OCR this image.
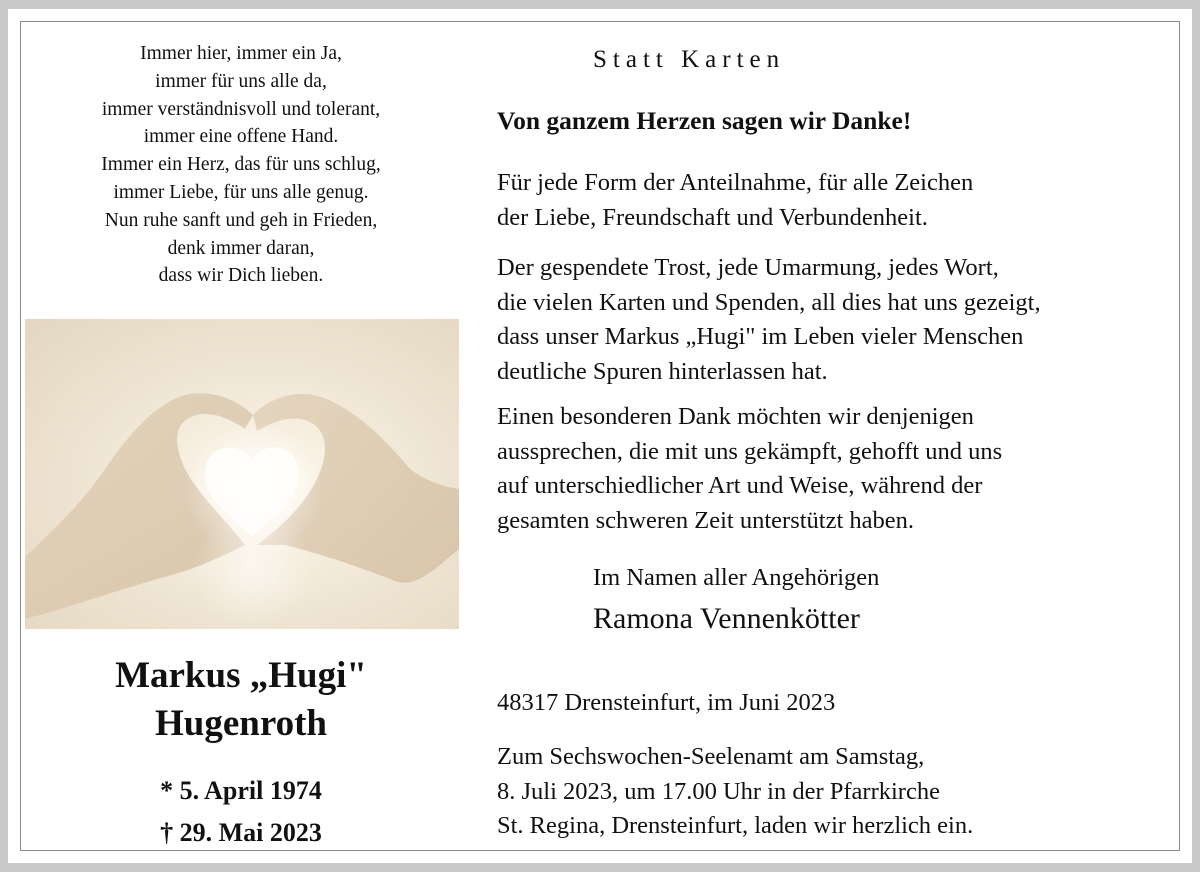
Immer hier, immer ein Ja,
immer für uns alle da,
immer verständnisvoll und tolerant,
immer eine offene Hand.
Immer ein Herz, das für uns schlug,
immer Liebe, für uns alle genug.
Nun ruhe sanft und geh in Frieden,
denk immer daran,
dass wir Dich lieben.
Markus „Hugi"
Hugenroth
* 5. April 1974
† 29. Mai 2023
Statt Karten
Von ganzem Herzen sagen wir Danke!
Für jede Form der Anteilnahme, für alle Zeichen
der Liebe, Freundschaft und Verbundenheit.
Der gespendete Trost, jede Umarmung, jedes Wort,
die vielen Karten und Spenden, all dies hat uns gezeigt,
dass unser Markus „Hugi" im Leben vieler Menschen
deutliche Spuren hinterlassen hat.
Einen besonderen Dank möchten wir denjenigen
aussprechen, die mit uns gekämpft, gehofft und uns
auf unterschiedlicher Art und Weise, während der
gesamten schweren Zeit unterstützt haben.
Im Namen aller Angehörigen
Ramona Vennenkötter
48317 Drensteinfurt, im Juni 2023
Zum Sechswochen-Seelenamt am Samstag,
8. Juli 2023, um 17.00 Uhr in der Pfarrkirche
St. Regina, Drensteinfurt, laden wir herzlich ein.
